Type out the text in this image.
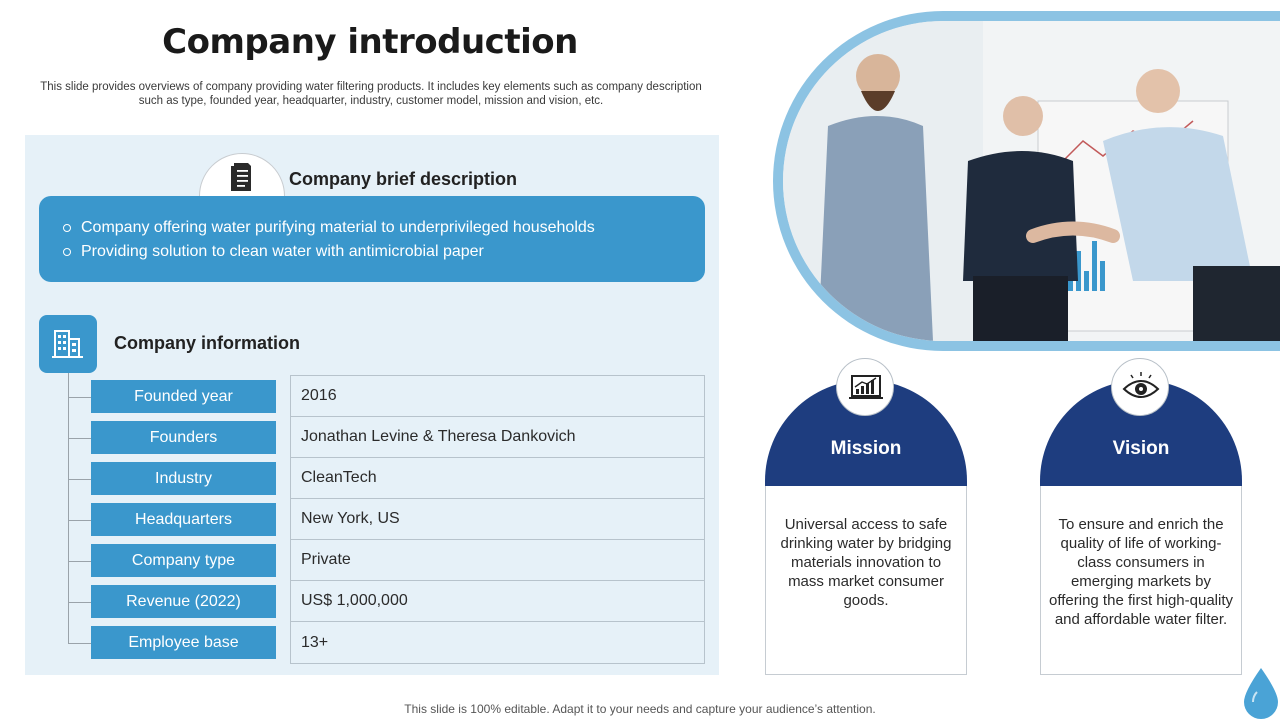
Company introduction
This slide provides overviews of company providing water filtering products. It includes key elements such as company description such as type, founded year, headquarter, industry, customer model, mission and vision, etc.
Company brief description
Company offering water purifying material to underprivileged households
Providing solution to clean water with antimicrobial paper
Company information
Founded year
Founders
Industry
Headquarters
Company type
Revenue (2022)
Employee base
2016
Jonathan Levine & Theresa Dankovich
CleanTech
New York, US
Private
US$ 1,000,000
13+
Mission
Universal access to safe drinking water by bridging materials innovation to mass market consumer goods.
Vision
To ensure and enrich the quality of life of working-class consumers in emerging markets by offering the first high-quality and affordable water filter.
This slide is 100% editable. Adapt it to your needs and capture your audience’s attention.
